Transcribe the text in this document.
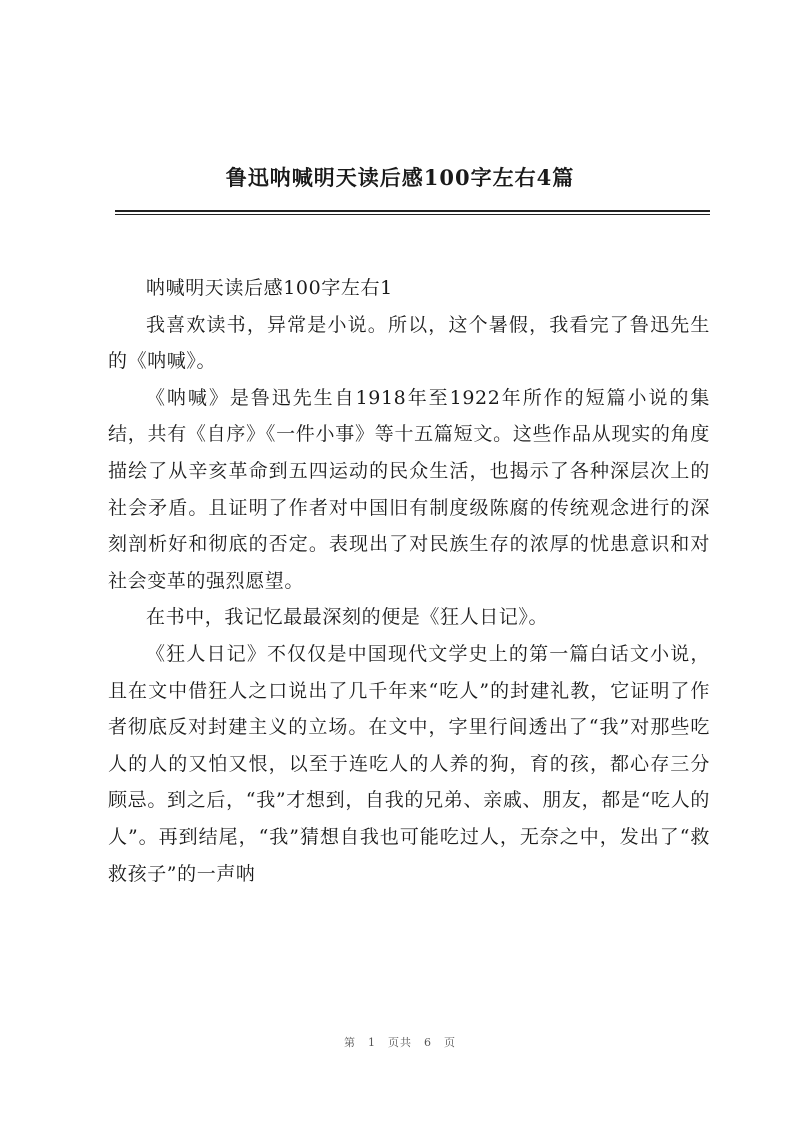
鲁迅呐喊明天读后感100字左右4篇

呐喊明天读后感100字左右1

我喜欢读书，异常是小说。所以，这个暑假，我看完了鲁迅先生的《呐喊》。

《呐喊》是鲁迅先生自1918年至1922年所作的短篇小说的集结，共有《自序》《一件小事》等十五篇短文。这些作品从现实的角度描绘了从辛亥革命到五四运动的民众生活，也揭示了各种深层次上的社会矛盾。且证明了作者对中国旧有制度级陈腐的传统观念进行的深刻剖析好和彻底的否定。表现出了对民族生存的浓厚的忧患意识和对社会变革的强烈愿望。

在书中，我记忆最最深刻的便是《狂人日记》。

《狂人日记》不仅仅是中国现代文学史上的第一篇白话文小说，且在文中借狂人之口说出了几千年来“吃人”的封建礼教，它证明了作者彻底反对封建主义的立场。在文中，字里行间透出了“我”对那些吃人的人的又怕又恨，以至于连吃人的人养的狗，育的孩，都心存三分顾忌。到之后，“我”才想到，自我的兄弟、亲戚、朋友，都是“吃人的人”。再到结尾，“我”猜想自我也可能吃过人，无奈之中，发出了“救救孩子”的一声呐

第 1 页共 6 页
